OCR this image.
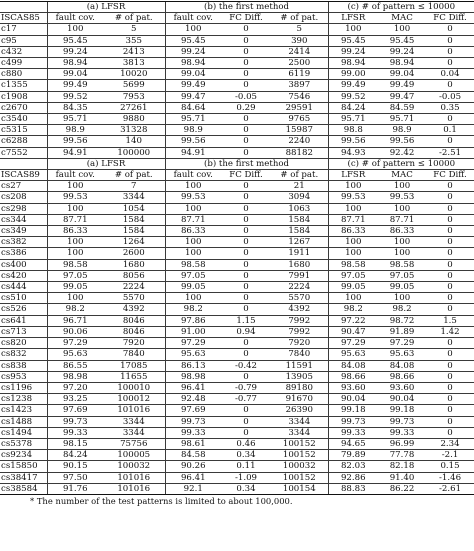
	(a) LFSR		(b) the first method			(c) # of pattern ≤ 10000		
ISCAS85	fault cov.	# of pat.	fault cov.	FC Diff.	# of pat.	LFSR	MAC	FC Diff.
c17	100	5	100	0	5	100	100	0
c95	95.45	355	95.45	0	390	95.45	95.45	0
c432	99.24	2413	99.24	0	2414	99.24	99.24	0
c499	98.94	3813	98.94	0	2500	98.94	98.94	0
c880	99.04	10020	99.04	0	6119	99.00	99.04	0.04
c1355	99.49	5699	99.49	0	3897	99.49	99.49	0
c1908	99.52	7953	99.47	-0.05	7546	99.52	99.47	-0.05
c2670	84.35	27261	84.64	0.29	29591	84.24	84.59	0.35
c3540	95.71	9880	95.71	0	9765	95.71	95.71	0
c5315	98.9	31328	98.9	0	15987	98.8	98.9	0.1
c6288	99.56	140	99.56	0	2240	99.56	99.56	0
c7552	94.91	100000	94.91	0	88182	94.93	92.42	-2.51
	(a) LFSR		(b) the first method			(c) # of pattern ≤ 10000		
ISCAS89	fault cov.	# of pat.	fault cov.	FC Diff.	# of pat.	LFSR	MAC	FC Diff.
cs27	100	7	100	0	21	100	100	0
cs208	99.53	3344	99.53	0	3094	99.53	99.53	0
cs298	100	1054	100	0	1063	100	100	0
cs344	87.71	1584	87.71	0	1584	87.71	87.71	0
cs349	86.33	1584	86.33	0	1584	86.33	86.33	0
cs382	100	1264	100	0	1267	100	100	0
cs386	100	2600	100	0	1911	100	100	0
cs400	98.58	1680	98.58	0	1680	98.58	98.58	0
cs420	97.05	8056	97.05	0	7991	97.05	97.05	0
cs444	99.05	2224	99.05	0	2224	99.05	99.05	0
cs510	100	5570	100	0	5570	100	100	0
cs526	98.2	4392	98.2	0	4392	98.2	98.2	0
cs641	96.71	8046	97.86	1.15	7992	97.22	98.72	1.5
cs713	90.06	8046	91.00	0.94	7992	90.47	91.89	1.42
cs820	97.29	7920	97.29	0	7920	97.29	97.29	0
cs832	95.63	7840	95.63	0	7840	95.63	95.63	0
cs838	86.55	17085	86.13	-0.42	11591	84.08	84.08	0
cs953	98.98	11655	98.98	0	13905	98.66	98.66	0
cs1196	97.20	100010	96.41	-0.79	89180	93.60	93.60	0
cs1238	93.25	100012	92.48	-0.77	91670	90.04	90.04	0
cs1423	97.69	101016	97.69	0	26390	99.18	99.18	0
cs1488	99.73	3344	99.73	0	3344	99.73	99.73	0
cs1494	99.33	3344	99.33	0	3344	99.33	99.33	0
cs5378	98.15	75756	98.61	0.46	100152	94.65	96.99	2.34
cs9234	84.24	100005	84.58	0.34	100152	79.89	77.78	-2.1
cs15850	90.15	100032	90.26	0.11	100032	82.03	82.18	0.15
cs38417	97.50	101016	96.41	-1.09	100152	92.86	91.40	-1.46
cs38584	91.76	101016	92.1	0.34	100154	88.83	86.22	-2.61
* The number of the test patterns is limited to about 100,000.
